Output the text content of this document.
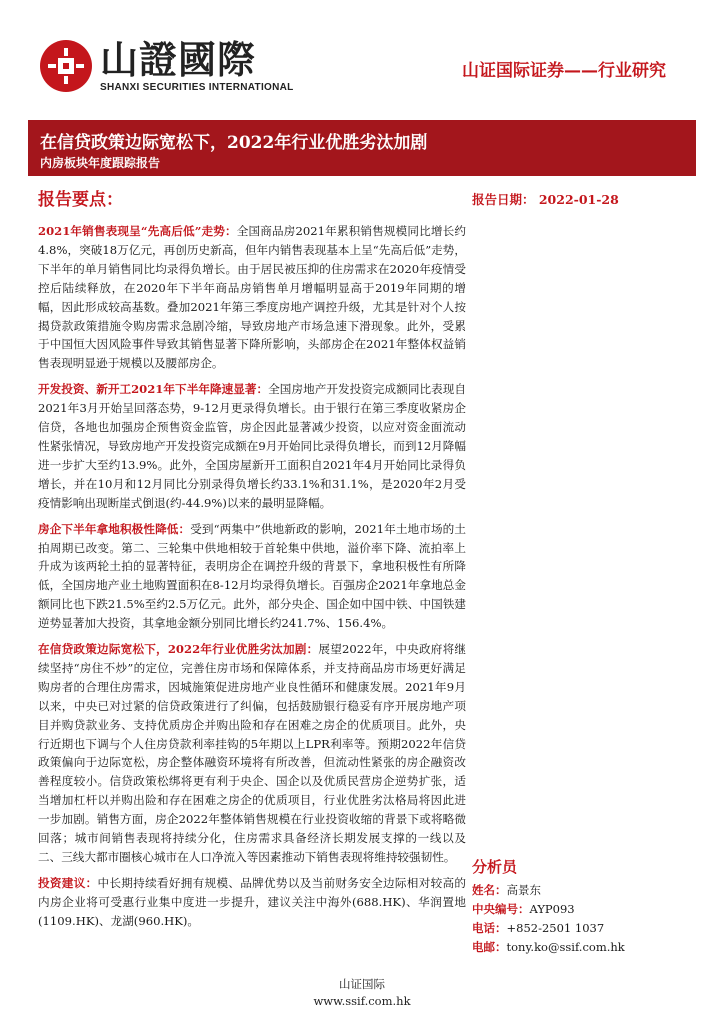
山證國際
SHANXI SECURITIES INTERNATIONAL
山证国际证券——行业研究
在信贷政策边际宽松下，2022年行业优胜劣汰加剧
内房板块年度跟踪报告
报告要点：	报告日期： 2022-01-28

2021年销售表现呈“先高后低”走势：全国商品房2021年累积销售规模同比增长约4.8%，突破18万亿元，再创历史新高，但年内销售表现基本上呈“先高后低”走势，下半年的单月销售同比均录得负增长。由于居民被压抑的住房需求在2020年疫情受控后陆续释放，在2020年下半年商品房销售单月增幅明显高于2019年同期的增幅，因此形成较高基数。叠加2021年第三季度房地产调控升级，尤其是针对个人按揭贷款政策措施令购房需求急剧冷缩，导致房地产市场急速下滑现象。此外，受累于中国恒大因风险事件导致其销售显著下降所影响，头部房企在2021年整体权益销售表现明显逊于规模以及腰部房企。

开发投资、新开工2021年下半年降速显著：全国房地产开发投资完成额同比表现自2021年3月开始呈回落态势，9-12月更录得负增长。由于银行在第三季度收紧房企信贷，各地也加强房企预售资金监管，房企因此显著减少投资，以应对资金面流动性紧张情况，导致房地产开发投资完成额在9月开始同比录得负增长，而到12月降幅进一步扩大至约13.9%。此外，全国房屋新开工面积自2021年4月开始同比录得负增长，并在10月和12月同比分别录得负增长约33.1%和31.1%，是2020年2月受疫情影响出现断崖式倒退(约-44.9%)以来的最明显降幅。

房企下半年拿地积极性降低：受到“两集中”供地新政的影响，2021年土地市场的土拍周期已改变。第二、三轮集中供地相较于首轮集中供地，溢价率下降、流拍率上升成为该两轮土拍的显著特征，表明房企在调控升级的背景下，拿地积极性有所降低，全国房地产业土地购置面积在8-12月均录得负增长。百强房企2021年拿地总金额同比也下跌21.5%至约2.5万亿元。此外，部分央企、国企如中国中铁、中国铁建逆势显著加大投资，其拿地金额分别同比增长约241.7%、156.4%。

在信贷政策边际宽松下，2022年行业优胜劣汰加剧：展望2022年，中央政府将继续坚持“房住不炒”的定位，完善住房市场和保障体系，并支持商品房市场更好满足购房者的合理住房需求，因城施策促进房地产业良性循环和健康发展。2021年9月以来，中央已对过紧的信贷政策进行了纠偏，包括鼓励银行稳妥有序开展房地产项目并购贷款业务、支持优质房企并购出险和存在困难之房企的优质项目。此外，央行近期也下调与个人住房贷款利率挂钩的5年期以上LPR利率等。预期2022年信贷政策偏向于边际宽松，房企整体融资环境将有所改善，但流动性紧张的房企融资改善程度较小。信贷政策松绑将更有利于央企、国企以及优质民营房企逆势扩张，适当增加杠杆以并购出险和存在困难之房企的优质项目，行业优胜劣汰格局将因此进一步加剧。销售方面，房企2022年整体销售规模在行业投资收缩的背景下或将略微回落；城市间销售表现将持续分化，住房需求具备经济长期发展支撑的一线以及二、三线大都市圈核心城市在人口净流入等因素推动下销售表现将维持较强韧性。

投资建议：中长期持续看好拥有规模、品牌优势以及当前财务安全边际相对较高的内房企业将可受惠行业集中度进一步提升，建议关注中海外(688.HK)、华润置地(1109.HK)、龙湖(960.HK)。

分析员
姓名：高景东
中央编号：AYP093
电话：+852-2501 1037
电邮：tony.ko@ssif.com.hk
山证国际
www.ssif.com.hk
